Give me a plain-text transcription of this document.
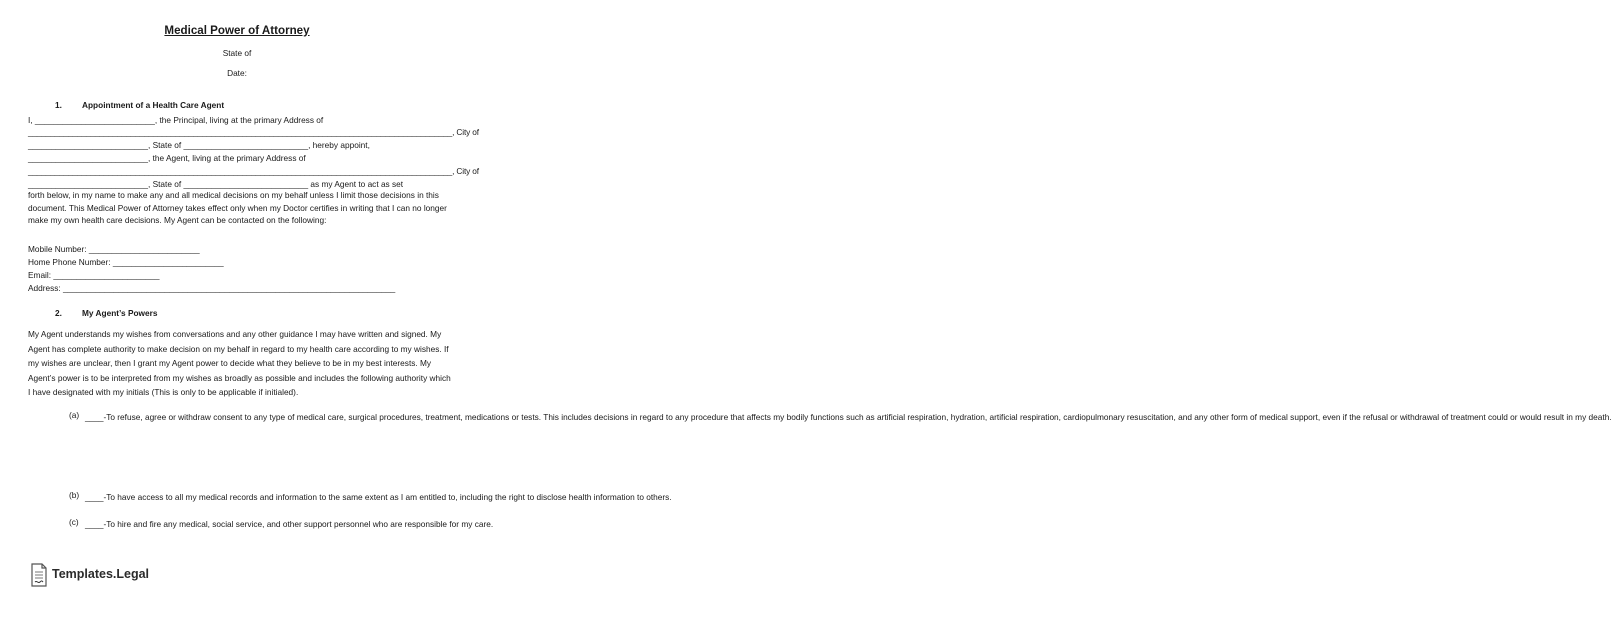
Medical Power of Attorney
State of
Date:
1. Appointment of a Health Care Agent
I, __________________________, the Principal, living at the primary Address of
_______________________________________________________________________________________________, City of
__________________________, State of ___________________________, hereby appoint,
__________________________, the Agent, living at the primary Address of
_______________________________________________________________________________________________, City of
__________________________, State of ___________________________ as my Agent to act as set
forth below, in my name to make any and all medical decisions on my behalf unless I limit those decisions in this document. This Medical Power of Attorney takes effect only when my Doctor certifies in writing that I can no longer make my own health care decisions. My Agent can be contacted on the following:
Mobile Number: ________________________
Home Phone Number: ________________________
Email: _______________________
Address: ________________________________________________________________________
2. My Agent’s Powers
My Agent understands my wishes from conversations and any other guidance I may have written and signed. My Agent has complete authority to make decision on my behalf in regard to my health care according to my wishes. If my wishes are unclear, then I grant my Agent power to decide what they believe to be in my best interests. My Agent’s power is to be interpreted from my wishes as broadly as possible and includes the following authority which I have designated with my initials (This is only to be applicable if initialed).

(a)

____-To refuse, agree or withdraw consent to any type of medical care, surgical procedures, treatment, medications or tests. This includes decisions in regard to any procedure that affects my bodily functions such as artificial respiration, hydration, artificial respiration, cardiopulmonary resuscitation, and any other form of medical support, even if the refusal or withdrawal of treatment could or would result in my death.

(b)

____-To have access to all my medical records and information to the same extent as I am entitled to, including the right to disclose health information to others.

(c)

____-To hire and fire any medical, social service, and other support personnel who are responsible for my care.

Templates.Legal
